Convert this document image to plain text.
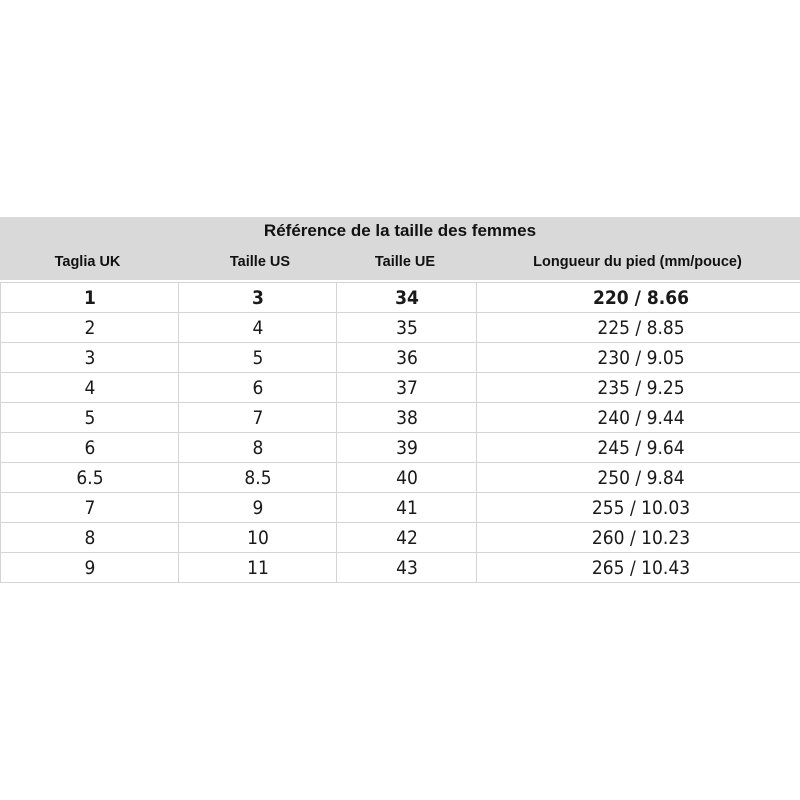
Référence de la taille des femmes
Taglia UK	Taille US	Taille UE	Longueur du pied (mm/pouce)
1	3	34	220 / 8.66
2	4	35	225 / 8.85
3	5	36	230 / 9.05
4	6	37	235 / 9.25
5	7	38	240 / 9.44
6	8	39	245 / 9.64
6.5	8.5	40	250 / 9.84
7	9	41	255 / 10.03
8	10	42	260 / 10.23
9	11	43	265 / 10.43
